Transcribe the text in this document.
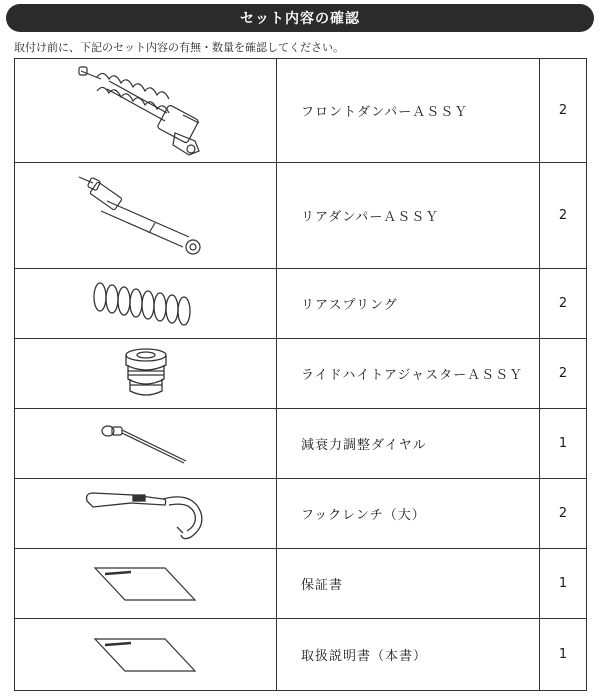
セット内容の確認
取付け前に、下記のセット内容の有無・数量を確認してください。
	フロントダンパーＡＳＳＹ	2

	リアダンパーＡＳＳＹ	2

	リアスプリング	2

	ライドハイトアジャスターＡＳＳＹ	2

	減衰力調整ダイヤル	1

	フックレンチ（大）	2

	保証書	1

	取扱説明書（本書）	1
